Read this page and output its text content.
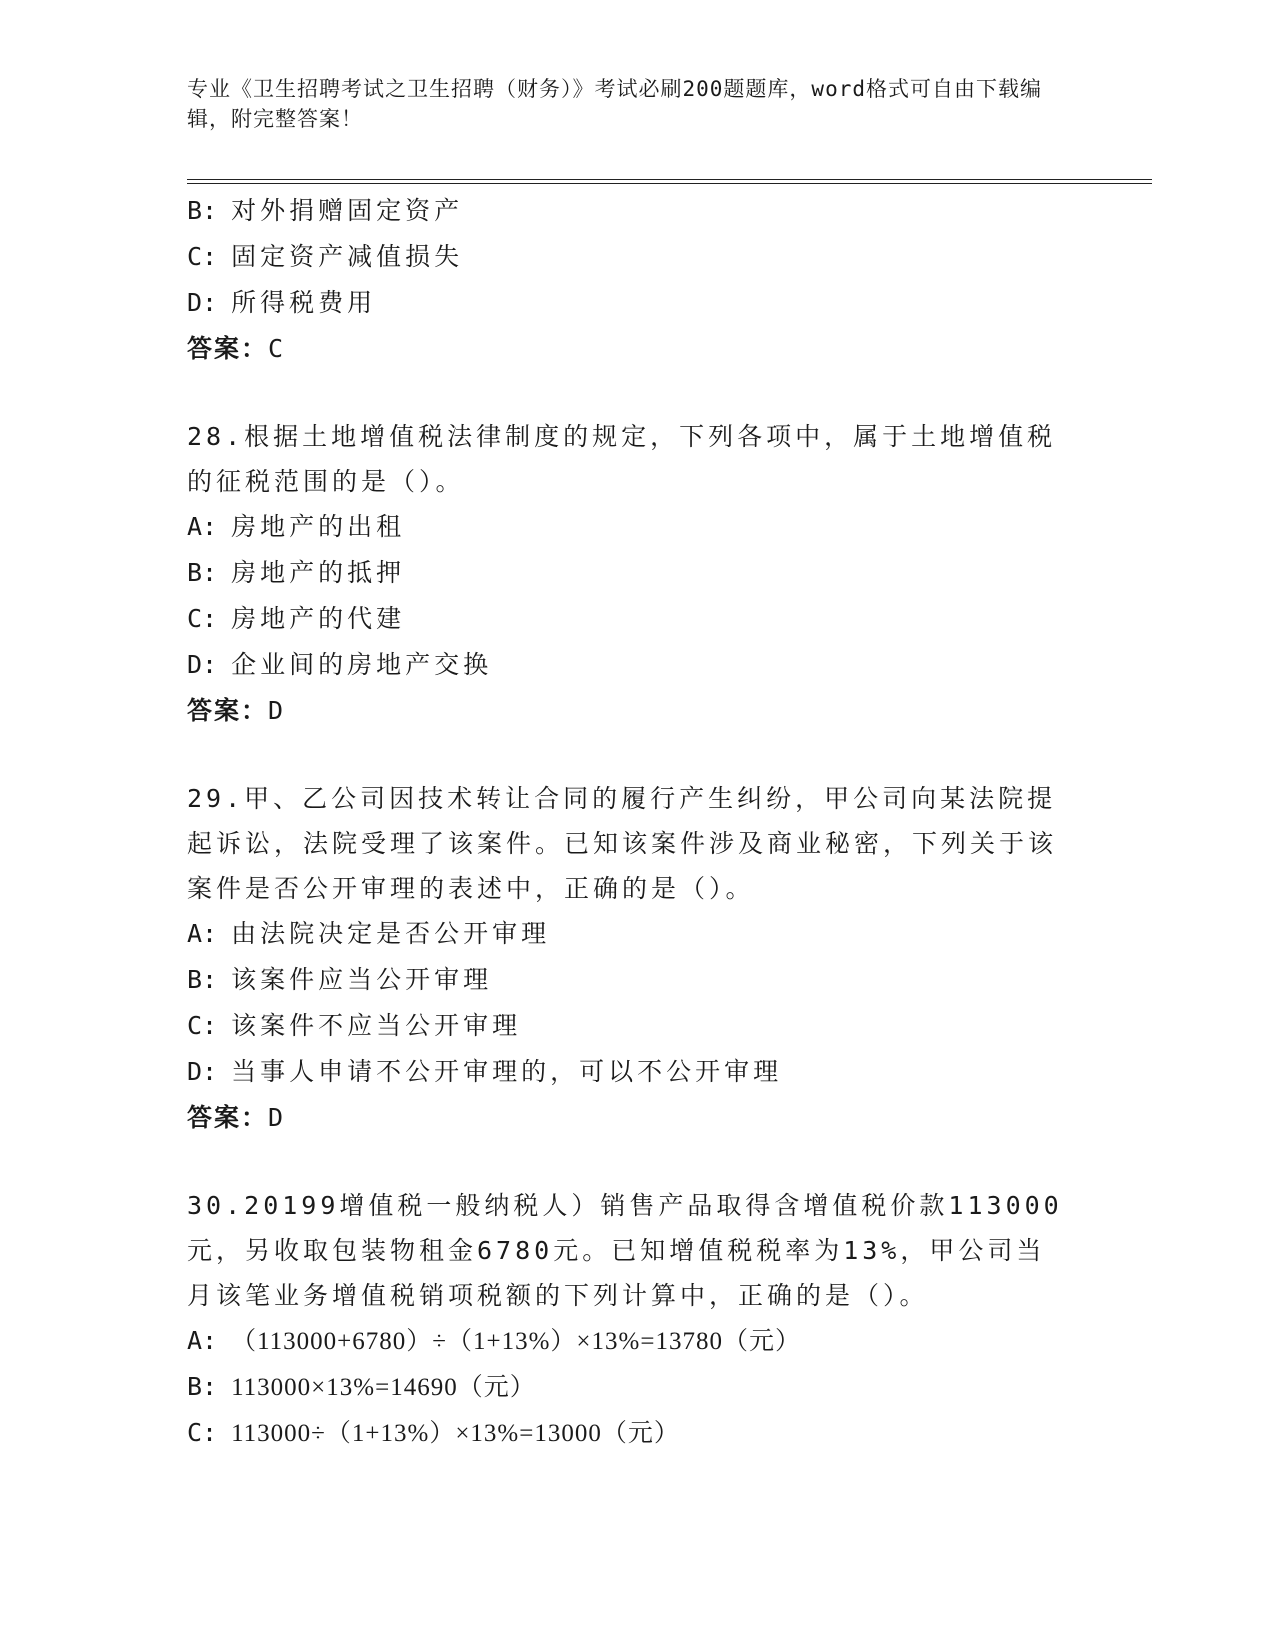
专业《卫生招聘考试之卫生招聘（财务）》考试必刷200题题库，word格式可自由下载编辑，附完整答案！
B: 对外捐赠固定资产
C: 固定资产减值损失
D: 所得税费用
答案：C
28.根据土地增值税法律制度的规定，下列各项中，属于土地增值税的征税范围的是（）。
A: 房地产的出租
B: 房地产的抵押
C: 房地产的代建
D: 企业间的房地产交换
答案：D
29.甲、乙公司因技术转让合同的履行产生纠纷，甲公司向某法院提起诉讼，法院受理了该案件。已知该案件涉及商业秘密，下列关于该案件是否公开审理的表述中，正确的是（）。
A: 由法院决定是否公开审理
B: 该案件应当公开审理
C: 该案件不应当公开审理
D: 当事人申请不公开审理的，可以不公开审理
答案：D
30.20199增值税一般纳税人）销售产品取得含增值税价款113000元，另收取包装物租金6780元。已知增值税税率为13%，甲公司当月该笔业务增值税销项税额的下列计算中，正确的是（）。
A: （113000+6780）÷（1+13%）×13%=13780（元）
B: 113000×13%=14690（元）
C: 113000÷（1+13%）×13%=13000（元）
